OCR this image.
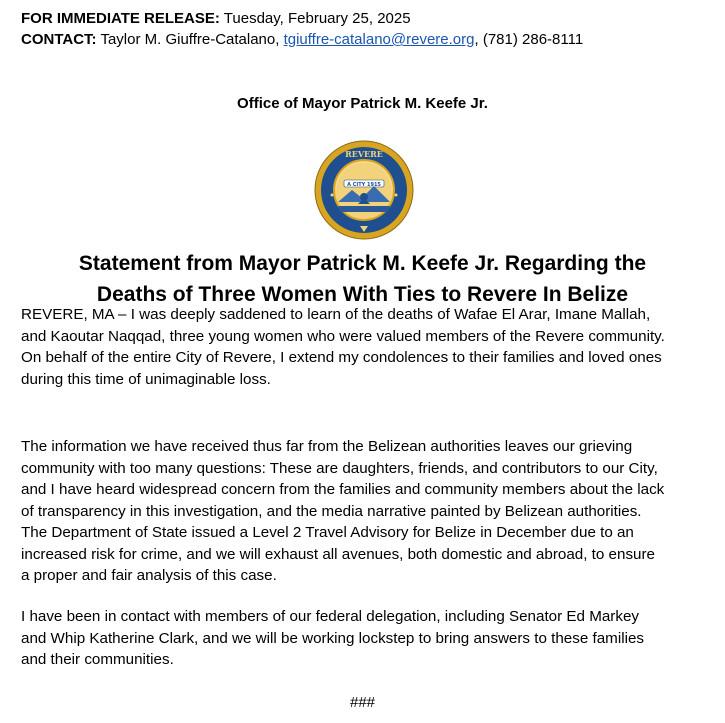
FOR IMMEDIATE RELEASE: Tuesday, February 25, 2025
CONTACT: Taylor M. Giuffre-Catalano, tgiuffre-catalano@revere.org, (781) 286-8111
Office of Mayor Patrick M. Keefe Jr.
REVERE
A CITY 1915
Statement from Mayor Patrick M. Keefe Jr. Regarding the
Deaths of Three Women With Ties to Revere In Belize
REVERE, MA – I was deeply saddened to learn of the deaths of Wafae El Arar, Imane Mallah,
and Kaoutar Naqqad, three young women who were valued members of the Revere community.
On behalf of the entire City of Revere, I extend my condolences to their families and loved ones
during this time of unimaginable loss.
The information we have received thus far from the Belizean authorities leaves our grieving
community with too many questions: These are daughters, friends, and contributors to our City,
and I have heard widespread concern from the families and community members about the lack
of transparency in this investigation, and the media narrative painted by Belizean authorities.
The Department of State issued a Level 2 Travel Advisory for Belize in December due to an
increased risk for crime, and we will exhaust all avenues, both domestic and abroad, to ensure
a proper and fair analysis of this case.
I have been in contact with members of our federal delegation, including Senator Ed Markey
and Whip Katherine Clark, and we will be working lockstep to bring answers to these families
and their communities.
###
